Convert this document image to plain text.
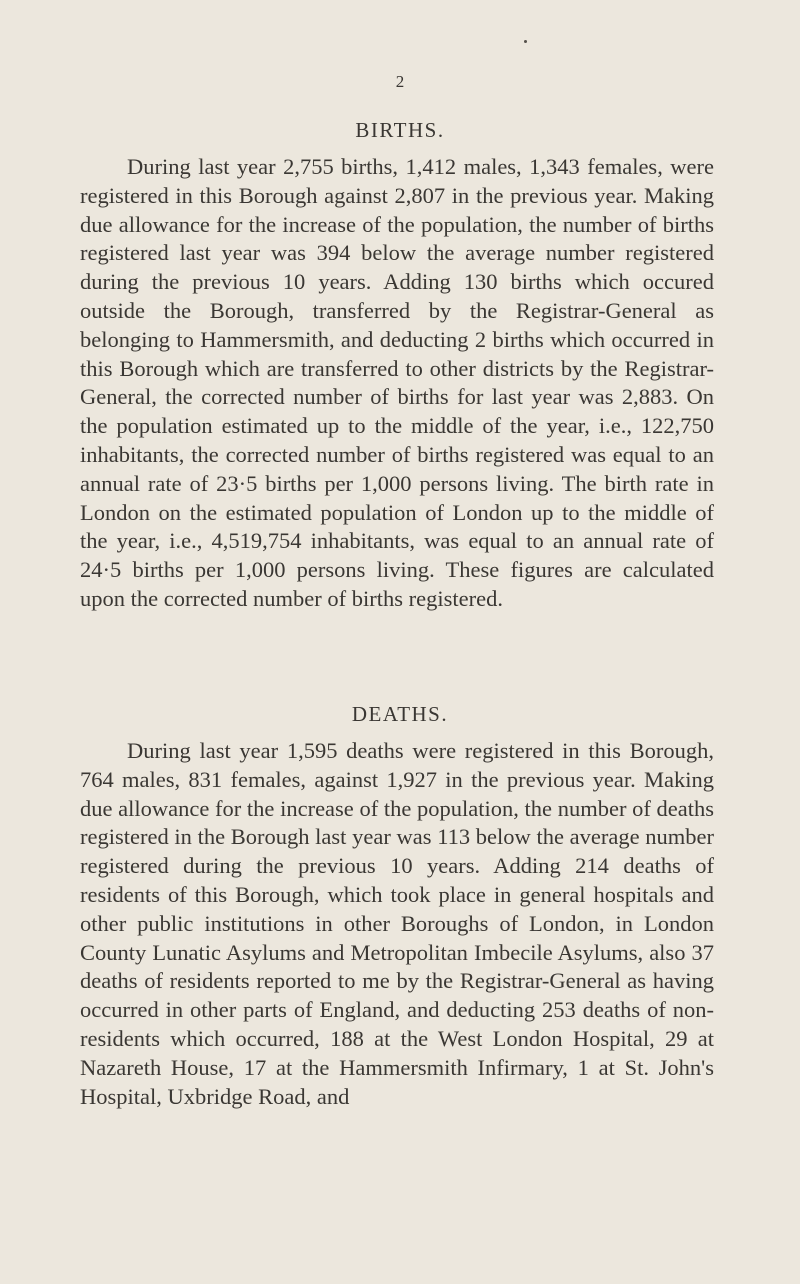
2
BIRTHS.

During last year 2,755 births, 1,412 males, 1,343 females, were registered in this Borough against 2,807 in the previous year. Making due allowance for the increase of the population, the number of births registered last year was 394 below the average number registered during the previous 10 years. Adding 130 births which occured outside the Borough, transferred by the Registrar-General as belonging to Hammersmith, and deducting 2 births which occurred in this Borough which are transferred to other districts by the Registrar-General, the corrected number of births for last year was 2,883. On the population estimated up to the middle of the year, i.e., 122,750 inhabitants, the corrected number of births registered was equal to an annual rate of 23·5 births per 1,000 persons living. The birth rate in London on the estimated population of London up to the middle of the year, i.e., 4,519,754 inhabitants, was equal to an annual rate of 24·5 births per 1,000 persons living. These figures are calculated upon the corrected number of births registered.

DEATHS.

During last year 1,595 deaths were registered in this Borough, 764 males, 831 females, against 1,927 in the previous year. Making due allowance for the increase of the population, the number of deaths registered in the Borough last year was 113 below the average number registered during the previous 10 years. Adding 214 deaths of residents of this Borough, which took place in general hospitals and other public institutions in other Boroughs of London, in London County Lunatic Asylums and Metropolitan Imbecile Asylums, also 37 deaths of residents reported to me by the Registrar-General as having occurred in other parts of England, and deducting 253 deaths of non-residents which occurred, 188 at the West London Hospital, 29 at Nazareth House, 17 at the Hammersmith Infirmary, 1 at St. John's Hospital, Uxbridge Road, and
